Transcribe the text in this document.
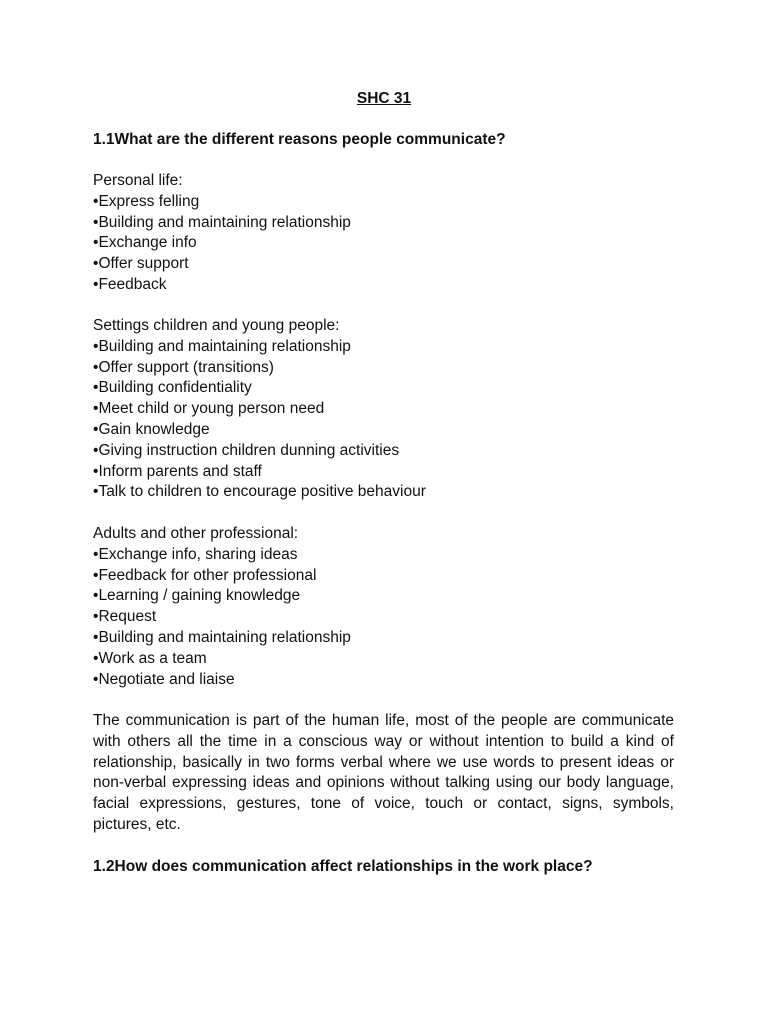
SHC 31
1.1What are the different reasons people communicate?
Personal life:
•Express felling
•Building and maintaining relationship
•Exchange info
•Offer support
•Feedback
Settings children and young people:
•Building and maintaining relationship
•Offer support (transitions)
•Building confidentiality
•Meet child or young person need
•Gain knowledge
•Giving instruction children dunning activities
•Inform parents and staff
•Talk to children to encourage positive behaviour
Adults and other professional:
•Exchange info, sharing ideas
•Feedback for other professional
•Learning / gaining knowledge
•Request
•Building and maintaining relationship
•Work as a team
•Negotiate and liaise

The communication is part of the human life, most of the people are communicate with others all the time in a conscious way or without intention to build a kind of relationship, basically in two forms verbal where we use words to present ideas or non-verbal expressing ideas and opinions without talking using our body language, facial expressions, gestures, tone of voice, touch or contact, signs, symbols, pictures, etc.

1.2How does communication affect relationships in the work place?
